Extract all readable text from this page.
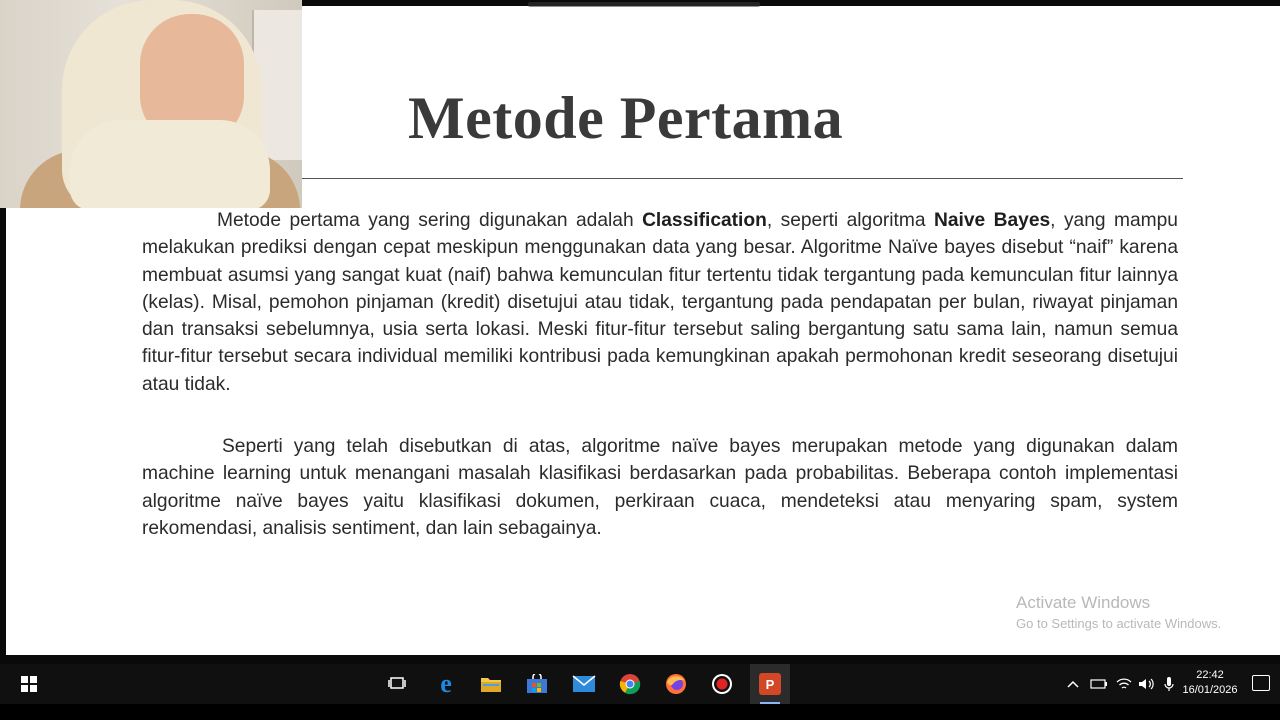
Metode Pertama

Metode pertama yang sering digunakan adalah Classification, seperti algoritma Naive Bayes, yang mampu melakukan prediksi dengan cepat meskipun menggunakan data yang besar. Algoritme Naïve bayes disebut “naif” karena membuat asumsi yang sangat kuat (naif) bahwa kemunculan fitur tertentu tidak tergantung pada kemunculan fitur lainnya (kelas). Misal, pemohon pinjaman (kredit) disetujui atau tidak, tergantung pada pendapatan per bulan, riwayat pinjaman dan transaksi sebelumnya, usia serta lokasi. Meski fitur-fitur tersebut saling bergantung satu sama lain, namun semua fitur-fitur tersebut secara individual memiliki kontribusi pada kemungkinan apakah permohonan kredit seseorang disetujui atau tidak.

Seperti yang telah disebutkan di atas, algoritme naïve bayes merupakan metode yang digunakan dalam machine learning untuk menangani masalah klasifikasi berdasarkan pada probabilitas. Beberapa contoh implementasi algoritme naïve bayes yaitu klasifikasi dokumen, perkiraan cuaca, mendeteksi atau menyaring spam, system rekomendasi, analisis sentiment, dan lain sebagainya.

Activate Windows
Go to Settings to activate Windows.
e	P
22:42
16/01/2026
